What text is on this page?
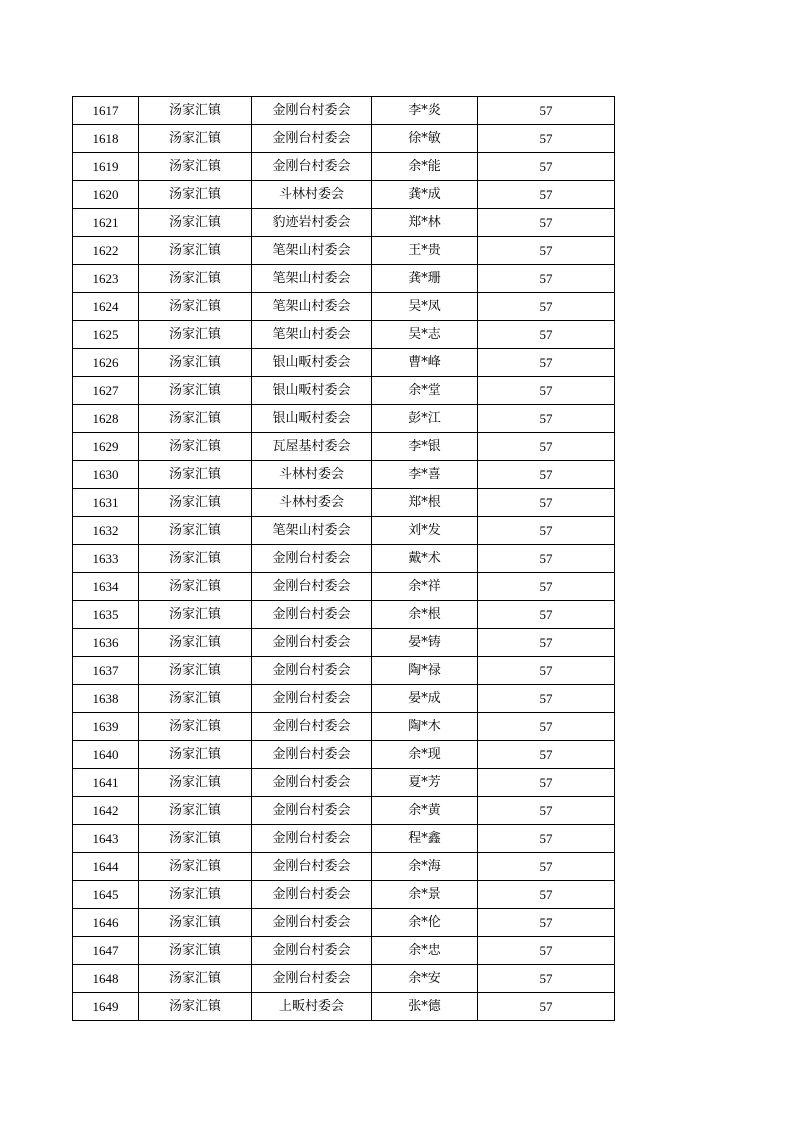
1617	汤家汇镇	金刚台村委会	李*炎	57
1618	汤家汇镇	金刚台村委会	徐*敏	57
1619	汤家汇镇	金刚台村委会	余*能	57
1620	汤家汇镇	斗林村委会	龚*成	57
1621	汤家汇镇	豹迹岩村委会	郑*林	57
1622	汤家汇镇	笔架山村委会	王*贵	57
1623	汤家汇镇	笔架山村委会	龚*珊	57
1624	汤家汇镇	笔架山村委会	吴*凤	57
1625	汤家汇镇	笔架山村委会	吴*志	57
1626	汤家汇镇	银山畈村委会	曹*峰	57
1627	汤家汇镇	银山畈村委会	余*堂	57
1628	汤家汇镇	银山畈村委会	彭*江	57
1629	汤家汇镇	瓦屋基村委会	李*银	57
1630	汤家汇镇	斗林村委会	李*喜	57
1631	汤家汇镇	斗林村委会	郑*根	57
1632	汤家汇镇	笔架山村委会	刘*发	57
1633	汤家汇镇	金刚台村委会	戴*术	57
1634	汤家汇镇	金刚台村委会	余*祥	57
1635	汤家汇镇	金刚台村委会	余*根	57
1636	汤家汇镇	金刚台村委会	晏*铸	57
1637	汤家汇镇	金刚台村委会	陶*禄	57
1638	汤家汇镇	金刚台村委会	晏*成	57
1639	汤家汇镇	金刚台村委会	陶*木	57
1640	汤家汇镇	金刚台村委会	余*现	57
1641	汤家汇镇	金刚台村委会	夏*芳	57
1642	汤家汇镇	金刚台村委会	余*黄	57
1643	汤家汇镇	金刚台村委会	程*鑫	57
1644	汤家汇镇	金刚台村委会	余*海	57
1645	汤家汇镇	金刚台村委会	余*景	57
1646	汤家汇镇	金刚台村委会	余*伦	57
1647	汤家汇镇	金刚台村委会	余*忠	57
1648	汤家汇镇	金刚台村委会	余*安	57
1649	汤家汇镇	上畈村委会	张*德	57
